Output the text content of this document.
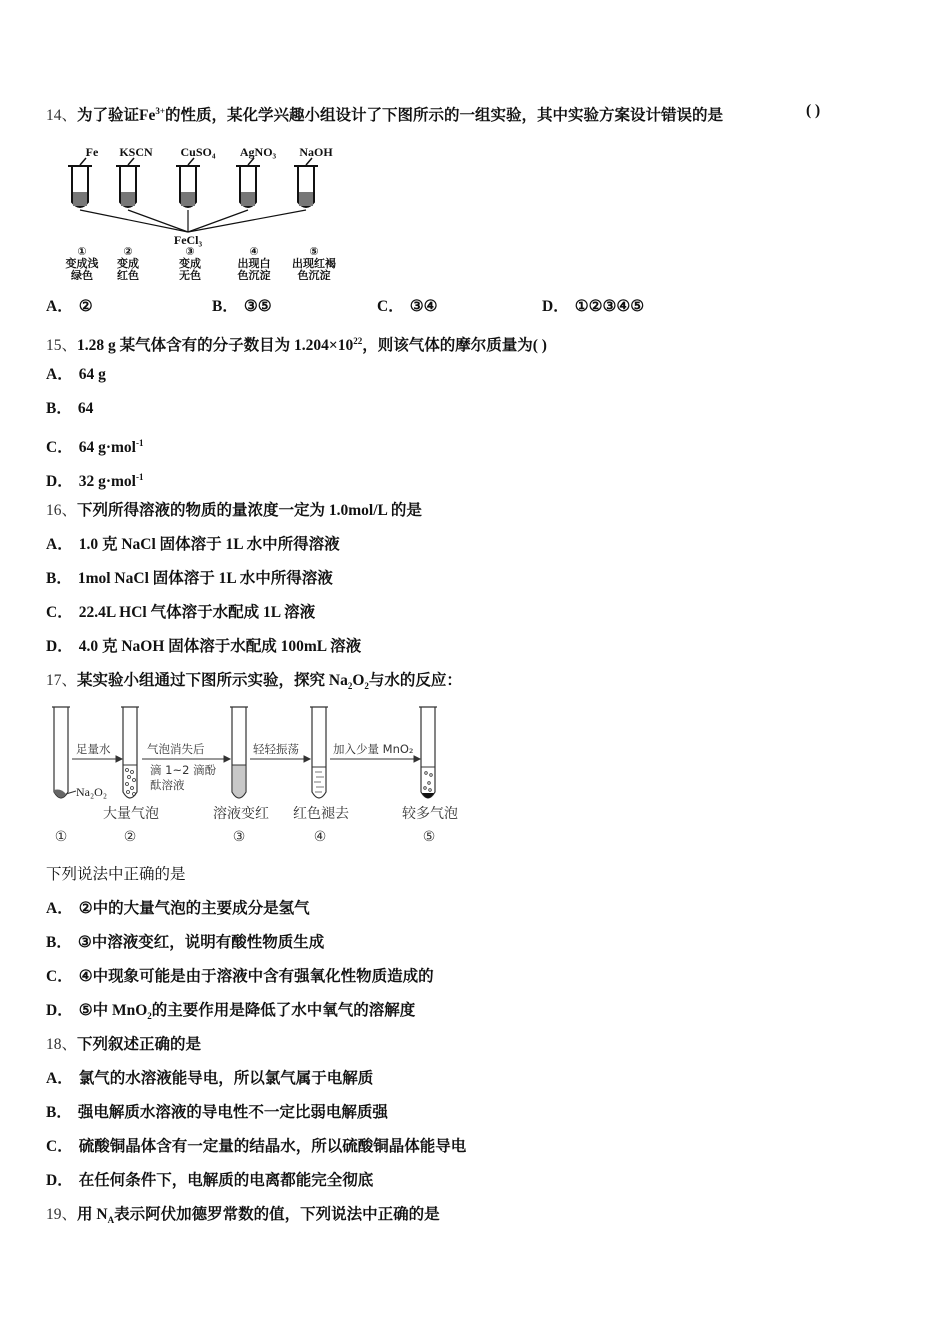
14、为了验证$Fe^{3+}$的性质，某化学兴趣小组设计了下图所示的一组实验，其中实验方案设计错误的是	( )
Fe KSCN CuSO₄ AgNO₃ NaOH
FeCl₃
①
变成浅
绿色
②
变成
红色
③
变成
无色
④
出现白
色沉淀
⑤
出现红褐
色沉淀
A． ②	B． ③⑤	C． ③④	D． ①②③④⑤
15、1.28 g 某气体含有的分子数目为 $1.204\times 10^{22}$，则该气体的摩尔质量为( )
A． 64 g
B． 64
C． 64 g·mol$^{-1}$
D． 32 g·mol$^{-1}$
16、下列所得溶液的物质的量浓度一定为 1.0mol/L 的是
A． 1.0 克 NaCl 固体溶于 1L 水中所得溶液
B． 1mol NaCl 固体溶于 1L 水中所得溶液
C． 22.4L HCl 气体溶于水配成 1L 溶液
D． 4.0 克 NaOH 固体溶于水配成 100mL 溶液
17、某实验小组通过下图所示实验，探究 $Na_2O_2$与水的反应：
Na₂O₂
足量水	气泡消失后
滴 1~2 滴酚
酞溶液
轻轻振荡	加入少量 MnO₂
大量气泡	溶液变红 红色褪去	较多气泡
①	②	③	④	⑤
下列说法中正确的是
A． ②中的大量气泡的主要成分是氢气
B． ③中溶液变红，说明有酸性物质生成
C． ④中现象可能是由于溶液中含有强氧化性物质造成的
D． ⑤中 MnO$_2$的主要作用是降低了水中氧气的溶解度
18、下列叙述正确的是
A． 氯气的水溶液能导电，所以氯气属于电解质
B． 强电解质水溶液的导电性不一定比弱电解质强
C． 硫酸铜晶体含有一定量的结晶水，所以硫酸铜晶体能导电
D． 在任何条件下，电解质的电离都能完全彻底
19、用 $N_A$表示阿伏加德罗常数的值，下列说法中正确的是
